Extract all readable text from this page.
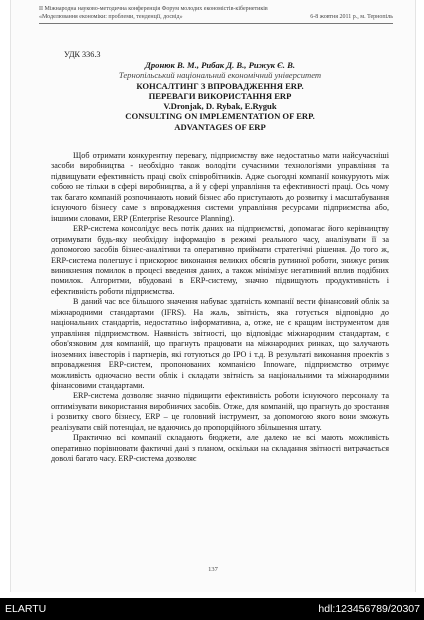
II Міжнародна науково-методична конференція Форум молодих економістів-кібернетиків
«Моделювання економіки: проблеми, тенденції, досвід»	6-8 жовтня 2011 р., м. Тернопіль
УДК 336.3
Дронюк В. М., Рибак Д. В., Рижук Є. В.
Тернопільський національний економічний університет
КОНСАЛТИНГ З ВПРОВАДЖЕННЯ ERP.
ПЕРЕВАГИ ВИКОРИСТАННЯ ERP
V.Dronjak, D. Rybak, E.Ryguk
CONSULTING ON IMPLEMENTATION OF ERP.
ADVANTAGES OF ERP

Щоб отримати конкурентну перевагу, підприємству вже недостатньо мати найсучасніші засоби виробництва - необхідно також володіти сучасними технологіями управління та підвищувати ефективність праці своїх співробітників. Адже сьогодні компанії конкурують між собою не тільки в сфері виробництва, а й у сфері управління та ефективності праці. Ось чому так багато компаній розпочинають новий бізнес або приступають до розвитку і масштабування існуючого бізнесу саме з впровадження системи управління ресурсами підприємства або, іншими словами, ERP (Enterprise Resource Planning).

ERP-система консолідує весь потік даних на підприємстві, допомагає його керівництву отримувати будь-яку необхідну інформацію в режимі реального часу, аналізувати її за допомогою засобів бізнес-аналітики та оперативно приймати стратегічні рішення. До того ж, ERP-система полегшує і прискорює виконання великих обсягів рутинної роботи, знижує ризик виникнення помилок в процесі введення даних, а також мінімізує негативний вплив подібних помилок. Алгоритми, вбудовані в ERP-систему, значно підвищують продуктивність і ефективність роботи підприємства.

В даний час все більшого значення набуває здатність компанії вести фінансовий облік за міжнародними стандартами (IFRS). На жаль, звітність, яка готується відповідно до національних стандартів, недостатньо інформативна, а, отже, не є кращим інструментом для управління підприємством. Наявність звітності, що відповідає міжнародним стандартам, є обов'язковим для компаній, що прагнуть працювати на міжнародних ринках, що залучають іноземних інвесторів і партнерів, які готуються до IPO і т.д. В результаті виконання проектів з впровадження ERP-систем, пропонованих компанією Innoware, підприємство отримує можливість одночасно вести облік і складати звітність за національними та міжнародними фінансовими стандартами.

ERP-система дозволяє значно підвищити ефективність роботи існуючого персоналу та оптимізувати використання виробничих засобів. Отже, для компаній, що прагнуть до зростання і розвитку свого бізнесу, ERP – це головний інструмент, за допомогою якого вони зможуть реалізувати свій потенціал, не вдаючись до пропорційного збільшення штату.

Практично всі компанії складають бюджети, але далеко не всі мають можливість оперативно порівнювати фактичні дані з планом, оскільки на складання звітності витрачається доволі багато часу. ERP-система дозволяє

137
ELARTU	hdl:123456789/20307
